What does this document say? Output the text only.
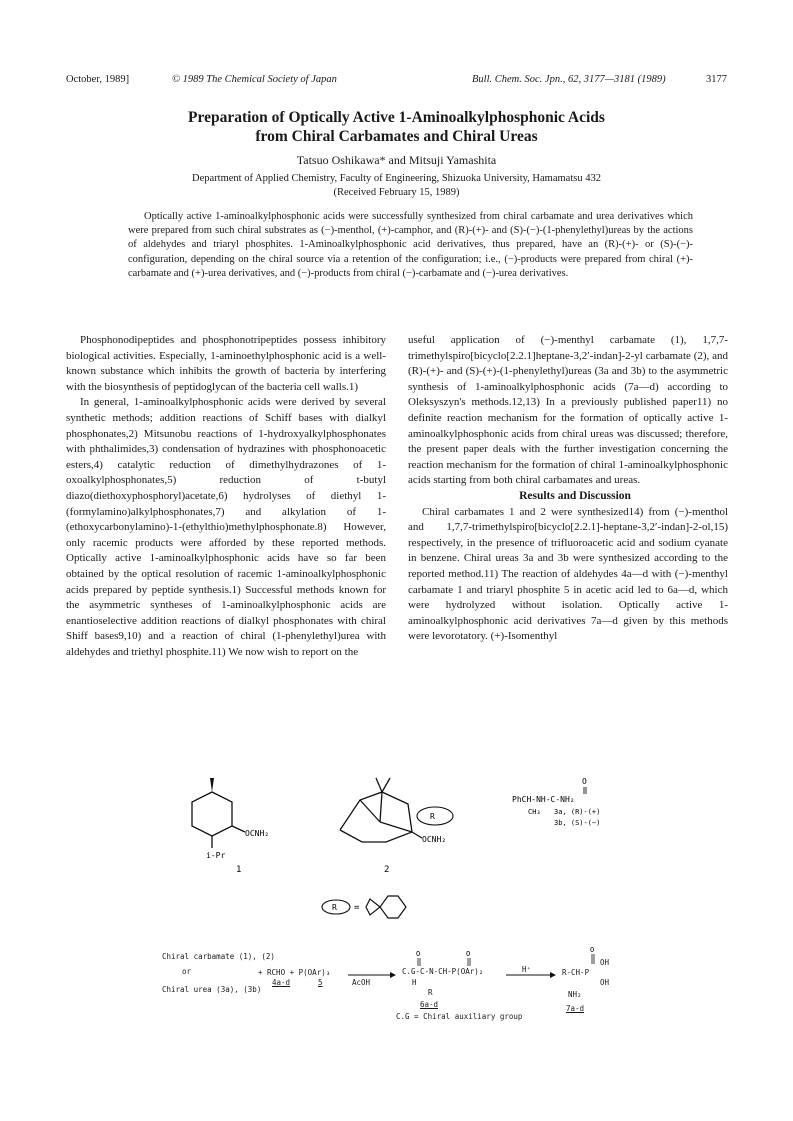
October, 1989]	© 1989 The Chemical Society of Japan	Bull. Chem. Soc. Jpn., 62, 3177—3181 (1989)	3177
Preparation of Optically Active 1-Aminoalkylphosphonic Acids
from Chiral Carbamates and Chiral Ureas
Tatsuo Oshikawa* and Mitsuji Yamashita
Department of Applied Chemistry, Faculty of Engineering, Shizuoka University, Hamamatsu 432
(Received February 15, 1989)
Optically active 1-aminoalkylphosphonic acids were successfully synthesized from chiral carbamate and urea derivatives which were prepared from such chiral substrates as (−)-menthol, (+)-camphor, and (R)-(+)- and (S)-(−)-(1-phenylethyl)ureas by the actions of aldehydes and triaryl phosphites. 1-Aminoalkylphosphonic acid derivatives, thus prepared, have an (R)-(+)- or (S)-(−)-configuration, depending on the chiral source via a retention of the configuration; i.e., (−)-products were prepared from chiral (+)-carbamate and (+)-urea derivatives, and (−)-products from chiral (−)-carbamate and (−)-urea derivatives.

Phosphonodipeptides and phosphonotripeptides possess inhibitory biological activities. Especially, 1-aminoethylphosphonic acid is a well-known substance which inhibits the growth of bacteria by interfering with the biosynthesis of peptidoglycan of the bacteria cell walls.1)

In general, 1-aminoalkylphosphonic acids were derived by several synthetic methods; addition reactions of Schiff bases with dialkyl phosphonates,2) Mitsunobu reactions of 1-hydroxyalkylphosphonates with phthalimides,3) condensation of hydrazines with phosphonoacetic esters,4) catalytic reduction of dimethylhydrazones of 1-oxoalkylphosphonates,5) reduction of t-butyl diazo(diethoxyphosphoryl)acetate,6) hydrolyses of diethyl 1-(formylamino)alkylphosphonates,7) and alkylation of 1-(ethoxycarbonylamino)-1-(ethylthio)methylphosphonate.8) However, only racemic products were afforded by these reported methods. Optically active 1-aminoalkylphosphonic acids have so far been obtained by the optical resolution of racemic 1-aminoalkylphosphonic acids prepared by peptide synthesis.1) Successful methods known for the asymmetric syntheses of 1-aminoalkylphosphonic acids are enantioselective addition reactions of dialkyl phosphonates with chiral Shiff bases9,10) and a reaction of chiral (1-phenylethyl)urea with aldehydes and triethyl phosphite.11) We now wish to report on the

useful application of (−)-menthyl carbamate (1), 1,7,7-trimethylspiro[bicyclo[2.2.1]heptane-3,2′-indan]-2-yl carbamate (2), and (R)-(+)- and (S)-(+)-(1-phenylethyl)ureas (3a and 3b) to the asymmetric synthesis of 1-aminoalkylphosphonic acids (7a—d) according to Oleksyszyn's methods.12,13) In a previously published paper11) no definite reaction mechanism for the formation of optically active 1-aminoalkylphosphonic acids from chiral ureas was discussed; therefore, the present paper deals with the further investigation concerning the reaction mechanism for the formation of chiral 1-aminoalkylphosphonic acids starting from both chiral carbamates and ureas.

Results and Discussion

Chiral carbamates 1 and 2 were synthesized14) from (−)-menthol and 1,7,7-trimethylspiro[bicyclo[2.2.1]-heptane-3,2′-indan]-2-ol,15) respectively, in the presence of trifluoroacetic acid and sodium cyanate in benzene. Chiral ureas 3a and 3b were synthesized according to the reported method.11) The reaction of aldehydes 4a—d with (−)-menthyl carbamate 1 and triaryl phosphite 5 in acetic acid led to 6a—d, which were hydrolyzed without isolation. Optically active 1-aminoalkylphosphonic acid derivatives 7a—d given by this methods were levorotatory. (+)-Isomenthyl

OCNH₂
i-Pr
1
R
OCNH₂
2
O
PhCH-NH-C-NH₂
CH₃ 3a, (R)-(+)
3b, (S)-(−)
R =
Chiral carbamate (1), (2)
or
Chiral urea (3a), (3b)
+ RCHO + P(OAr)₃
4a-d	5	AcOH
O	O	O
C.G-C-N-CH-P(OAr)₂
H
R
6a-d
H⁺	R-CH-P
OH
OH
NH₂
7a-d
C.G = Chiral auxiliary group
